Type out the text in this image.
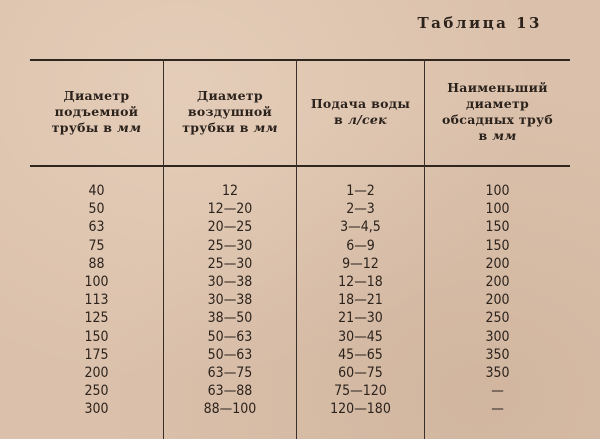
Таблица 13
Диаметр
подъемной
трубы в мм
Диаметр
воздушной
трубки в мм
Подача воды
в л/сек
Наименьший
диаметр
обсадных труб
в мм
40
50
63
75
88
100
113
125
150
175
200
250
300
12
12—20
20—25
25—30
25—30
30—38
30—38
38—50
50—63
50—63
63—75
63—88
88—100
1—2
2—3
3—4,5
6—9
9—12
12—18
18—21
21—30
30—45
45—65
60—75
75—120
120—180
100
100
150
150
200
200
200
250
300
350
350
—
—
